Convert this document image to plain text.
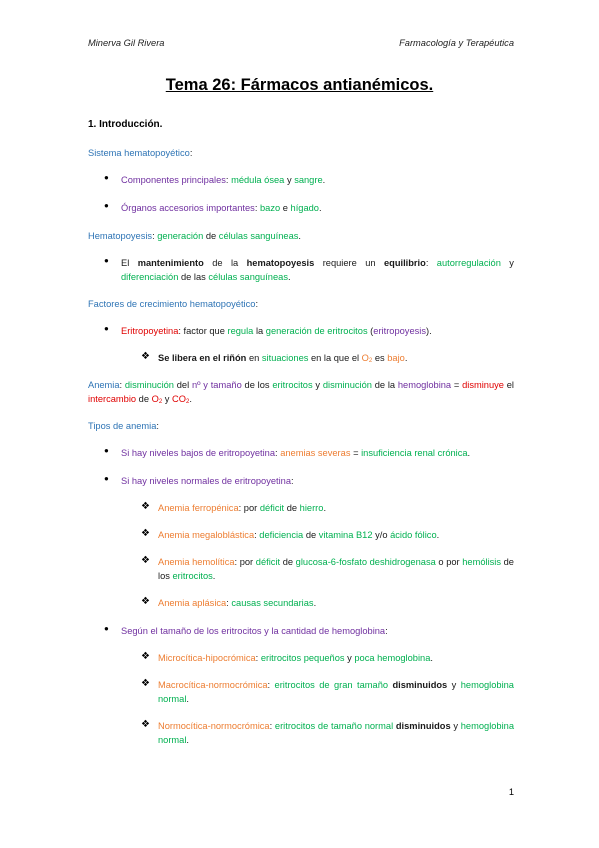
Minerva Gil Rivera	Farmacología y Terapéutica
Tema 26: Fármacos antianémicos.
1. Introducción.
Sistema hematopoyético:
● Componentes principales: médula ósea y sangre.
● Órganos accesorios importantes: bazo e hígado.
Hematopoyesis: generación de células sanguíneas.
● El mantenimiento de la hematopoyesis requiere un equilibrio: autorregulación y diferenciación de las células sanguíneas.
Factores de crecimiento hematopoyético:
● Eritropoyetina: factor que regula la generación de eritrocitos (eritropoyesis).
❖ Se libera en el riñón en situaciones en la que el $O_2$ es bajo.
Anemia: disminución del nº y tamaño de los eritrocitos y disminución de la hemoglobina = disminuye el intercambio de $O_2$ y $CO_2$.
Tipos de anemia:
● Si hay niveles bajos de eritropoyetina: anemias severas = insuficiencia renal crónica.
● Si hay niveles normales de eritropoyetina:
❖ Anemia ferropénica: por déficit de hierro.
❖ Anemia megaloblástica: deficiencia de vitamina B12 y/o ácido fólico.
❖ Anemia hemolítica: por déficit de glucosa-6-fosfato deshidrogenasa o por hemólisis de los eritrocitos.
❖ Anemia aplásica: causas secundarias.
● Según el tamaño de los eritrocitos y la cantidad de hemoglobina:
❖ Microcítica-hipocrómica: eritrocitos pequeños y poca hemoglobina.
❖ Macrocítica-normocrómica: eritrocitos de gran tamaño disminuidos y hemoglobina normal.
❖ Normocítica-normocrómica: eritrocitos de tamaño normal disminuidos y hemoglobina normal.
1
